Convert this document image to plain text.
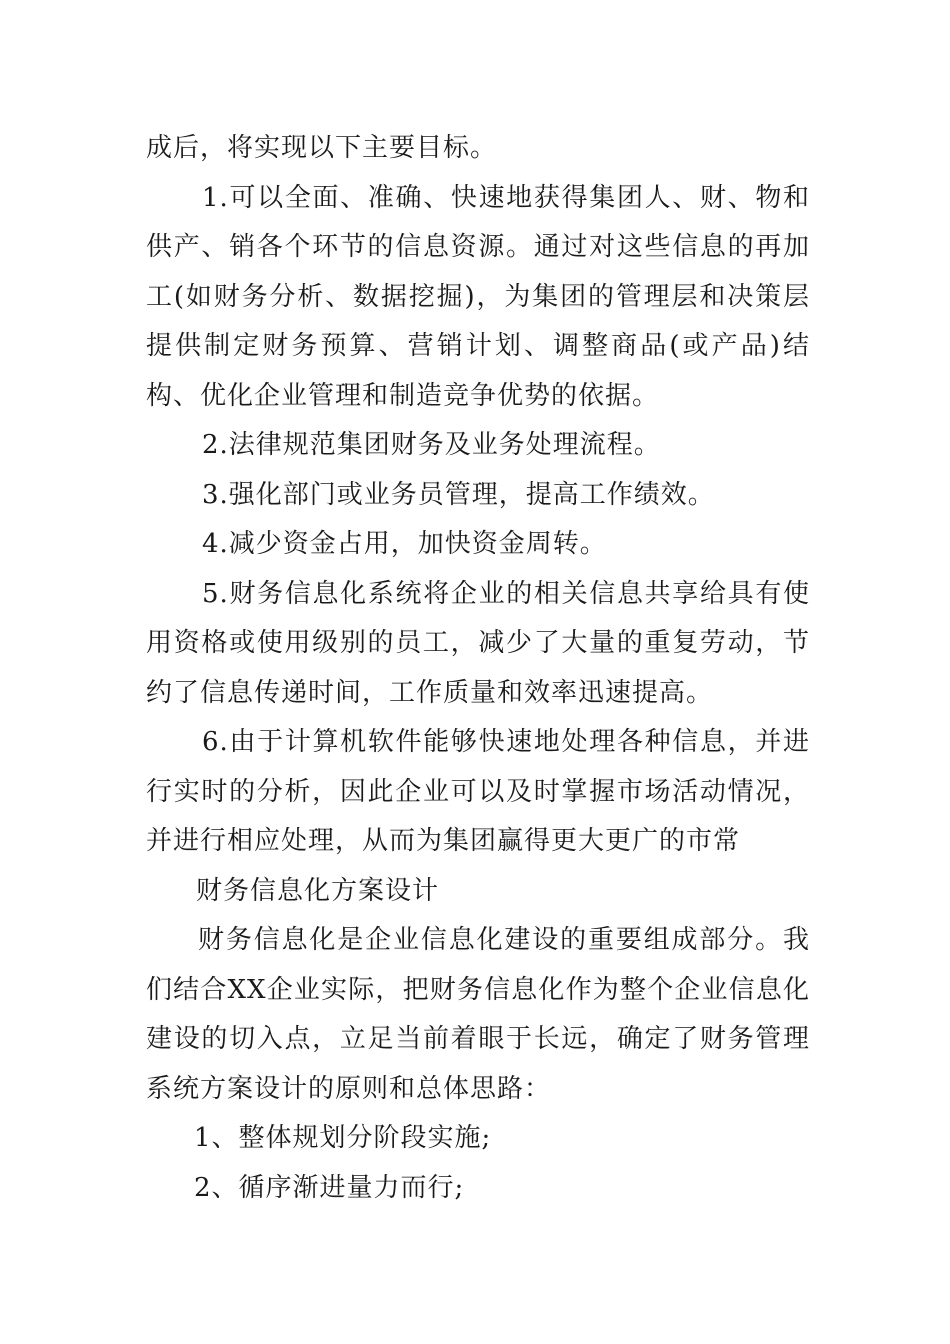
成后，将实现以下主要目标。

1.可以全面、准确、快速地获得集团人、财、物和供产、销各个环节的信息资源。通过对这些信息的再加工(如财务分析、数据挖掘)，为集团的管理层和决策层提供制定财务预算、营销计划、调整商品(或产品)结构、优化企业管理和制造竞争优势的依据。

2.法律规范集团财务及业务处理流程。

3.强化部门或业务员管理，提高工作绩效。

4.减少资金占用，加快资金周转。

5.财务信息化系统将企业的相关信息共享给具有使用资格或使用级别的员工，减少了大量的重复劳动，节约了信息传递时间，工作质量和效率迅速提高。

6.由于计算机软件能够快速地处理各种信息，并进行实时的分析，因此企业可以及时掌握市场活动情况，并进行相应处理，从而为集团赢得更大更广的市常

财务信息化方案设计

财务信息化是企业信息化建设的重要组成部分。我们结合XX企业实际，把财务信息化作为整个企业信息化建设的切入点，立足当前着眼于长远，确定了财务管理系统方案设计的原则和总体思路：

1、整体规划分阶段实施;

2、循序渐进量力而行;
